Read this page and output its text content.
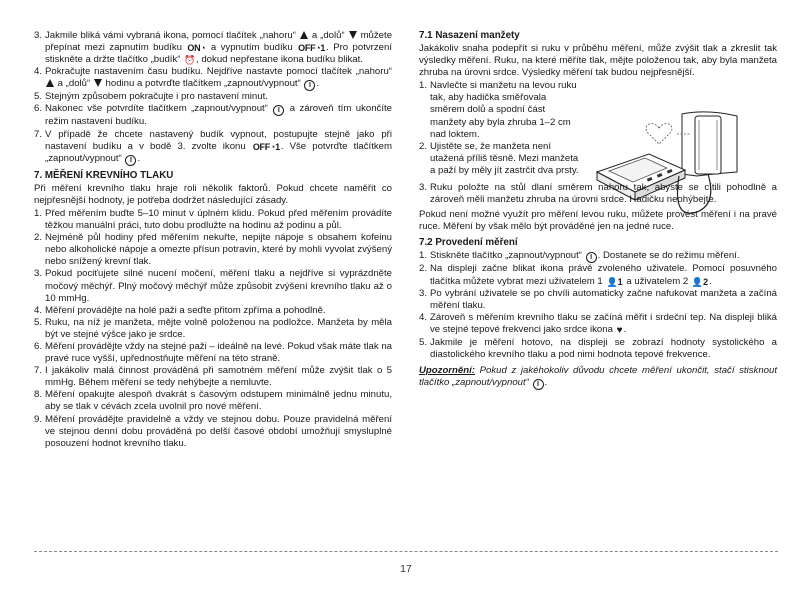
3. Jakmile bliká vámi vybraná ikona, pomocí tlačítek „nahoru“ a „dolů“ můžete přepínat mezi zapnutím budíku ON◔ a vypnutím budíku OFF◔1. Pro potvrzení stiskněte a držte tlačítko „budík“ ⏰, dokud nepřestane ikona budíku blikat.
4. Pokračujte nastavením času budíku. Nejdříve nastavte pomocí tlačítek „nahoru“  a „dolů“ hodinu a potvrďte tlačítkem „zapnout/vypnout“ I .
5. Stejným způsobem pokračujte i pro nastavení minut.
6. Nakonec vše potvrdíte tlačítkem „zapnout/vypnout“ I a zároveň tím ukončíte režim nastavení budíku.
7. V případě že chcete nastavený budík vypnout, postupujte stejně jako při nastavení budíku a v bodě 3. zvolte ikonu OFF◔1. Vše potvrďte tlačítkem „zapnout/vypnout“ I .
7. MĚŘENÍ KREVNÍHO TLAKU

Při měření krevního tlaku hraje roli několik faktorů. Pokud chcete naměřit co nejpřesnější hodnoty, je potřeba dodržet následující zásady.

1. Před měřením buďte 5–10 minut v úplném klidu. Pokud před měřením provádíte těžkou manuální práci, tuto dobu prodlužte na hodinu až podinu a půl.
2. Nejméně půl hodiny před měřením nekuřte, nepijte nápoje s obsahem kofeinu nebo alkoholické nápoje a omezte přísun potravin, které by mohli vyvolat zvýšený nebo snížený krevní tlak.
3. Pokud pociťujete silné nucení močení, měření tlaku a nejdříve si vyprázdněte močový měchýř. Plný močový měchýř může způsobit zvýšení krevního tlaku až o 10 mmHg.
4. Měření provádějte na holé paži a seďte přitom zpříma a pohodlně.
5. Ruku, na níž je manžeta, mějte volně položenou na podložce. Manžeta by měla být ve stejné výšce jako je srdce.
6. Měření provádějte vždy na stejné paži – ideálně na levé. Pokud však máte tlak na pravé ruce vyšší, upřednostňujte měření na této straně.
7. I jakákoliv malá činnost prováděná při samotném měření může zvýšit tlak o 5 mmHg. Během měření se tedy nehýbejte a nemluvte.
8. Měření opakujte alespoň dvakrát s časovým odstupem minimálně jednu minutu, aby se tlak v cévách zcela uvolnil pro nové měření.
9. Měření provádějte pravidelně a vždy ve stejnou dobu. Pouze pravidelná měření ve stejnou denní dobu prováděná po delší časové období umožňují smysluplné posouzení hodnot krevního tlaku.
7.1 Nasazení manžety

Jakákoliv snaha podepřít si ruku v průběhu měření, může zvýšit tlak a zkreslit tak výsledky měření. Ruku, na které měříte tlak, mějte položenou tak, aby byla manžeta zhruba na úrovni srdce. Výsledky měření tak budou nejpřesnější.

1. Navlečte si manžetu na levou ruku tak, aby hadička směřovala směrem dolů a spodní část manžety aby byla zhruba 1–2 cm nad loktem.
2. Ujistěte se, že manžeta není utažená příliš těsně. Mezi manžeta a paží by měly jít zastrčit dva prsty.
3. Ruku položte na stůl dlaní směrem nahoru tak, abyste se cítili pohodlně a zároveň měli manžetu zhruba na úrovni srdce. Hadičku neohýbejte.

Pokud není možné využít pro měření levou ruku, můžete provést měření i na pravé ruce. Měření by však mělo být prováděné jen na jedné ruce.

7.2 Provedení měření
1. Stiskněte tlačítko „zapnout/vypnout“ I . Dostanete se do režimu měření.
2. Na displeji začne blikat ikona právě zvoleného uživatele. Pomocí posuvného tlačítka můžete vybrat mezi uživatelem 1 👤1 a uživatelem 2 👤2.
3. Po vybrání uživatele se po chvíli automaticky začne nafukovat manžeta a začíná měření tlaku.
4. Zároveň s měřením krevního tlaku se začíná měřit i srdeční tep. Na displeji bliká ve stejné tepové frekvenci jako srdce ikona ♥.
5. Jakmile je měření hotovo, na displeji se zobrazí hodnoty systolického a diastolického krevního tlaku a pod nimi hodnota tepové frekvence.

Upozornění: Pokud z jakéhokoliv důvodu chcete měření ukončit, stačí stisknout tlačítko „zapnout/vypnout“ I .

17
